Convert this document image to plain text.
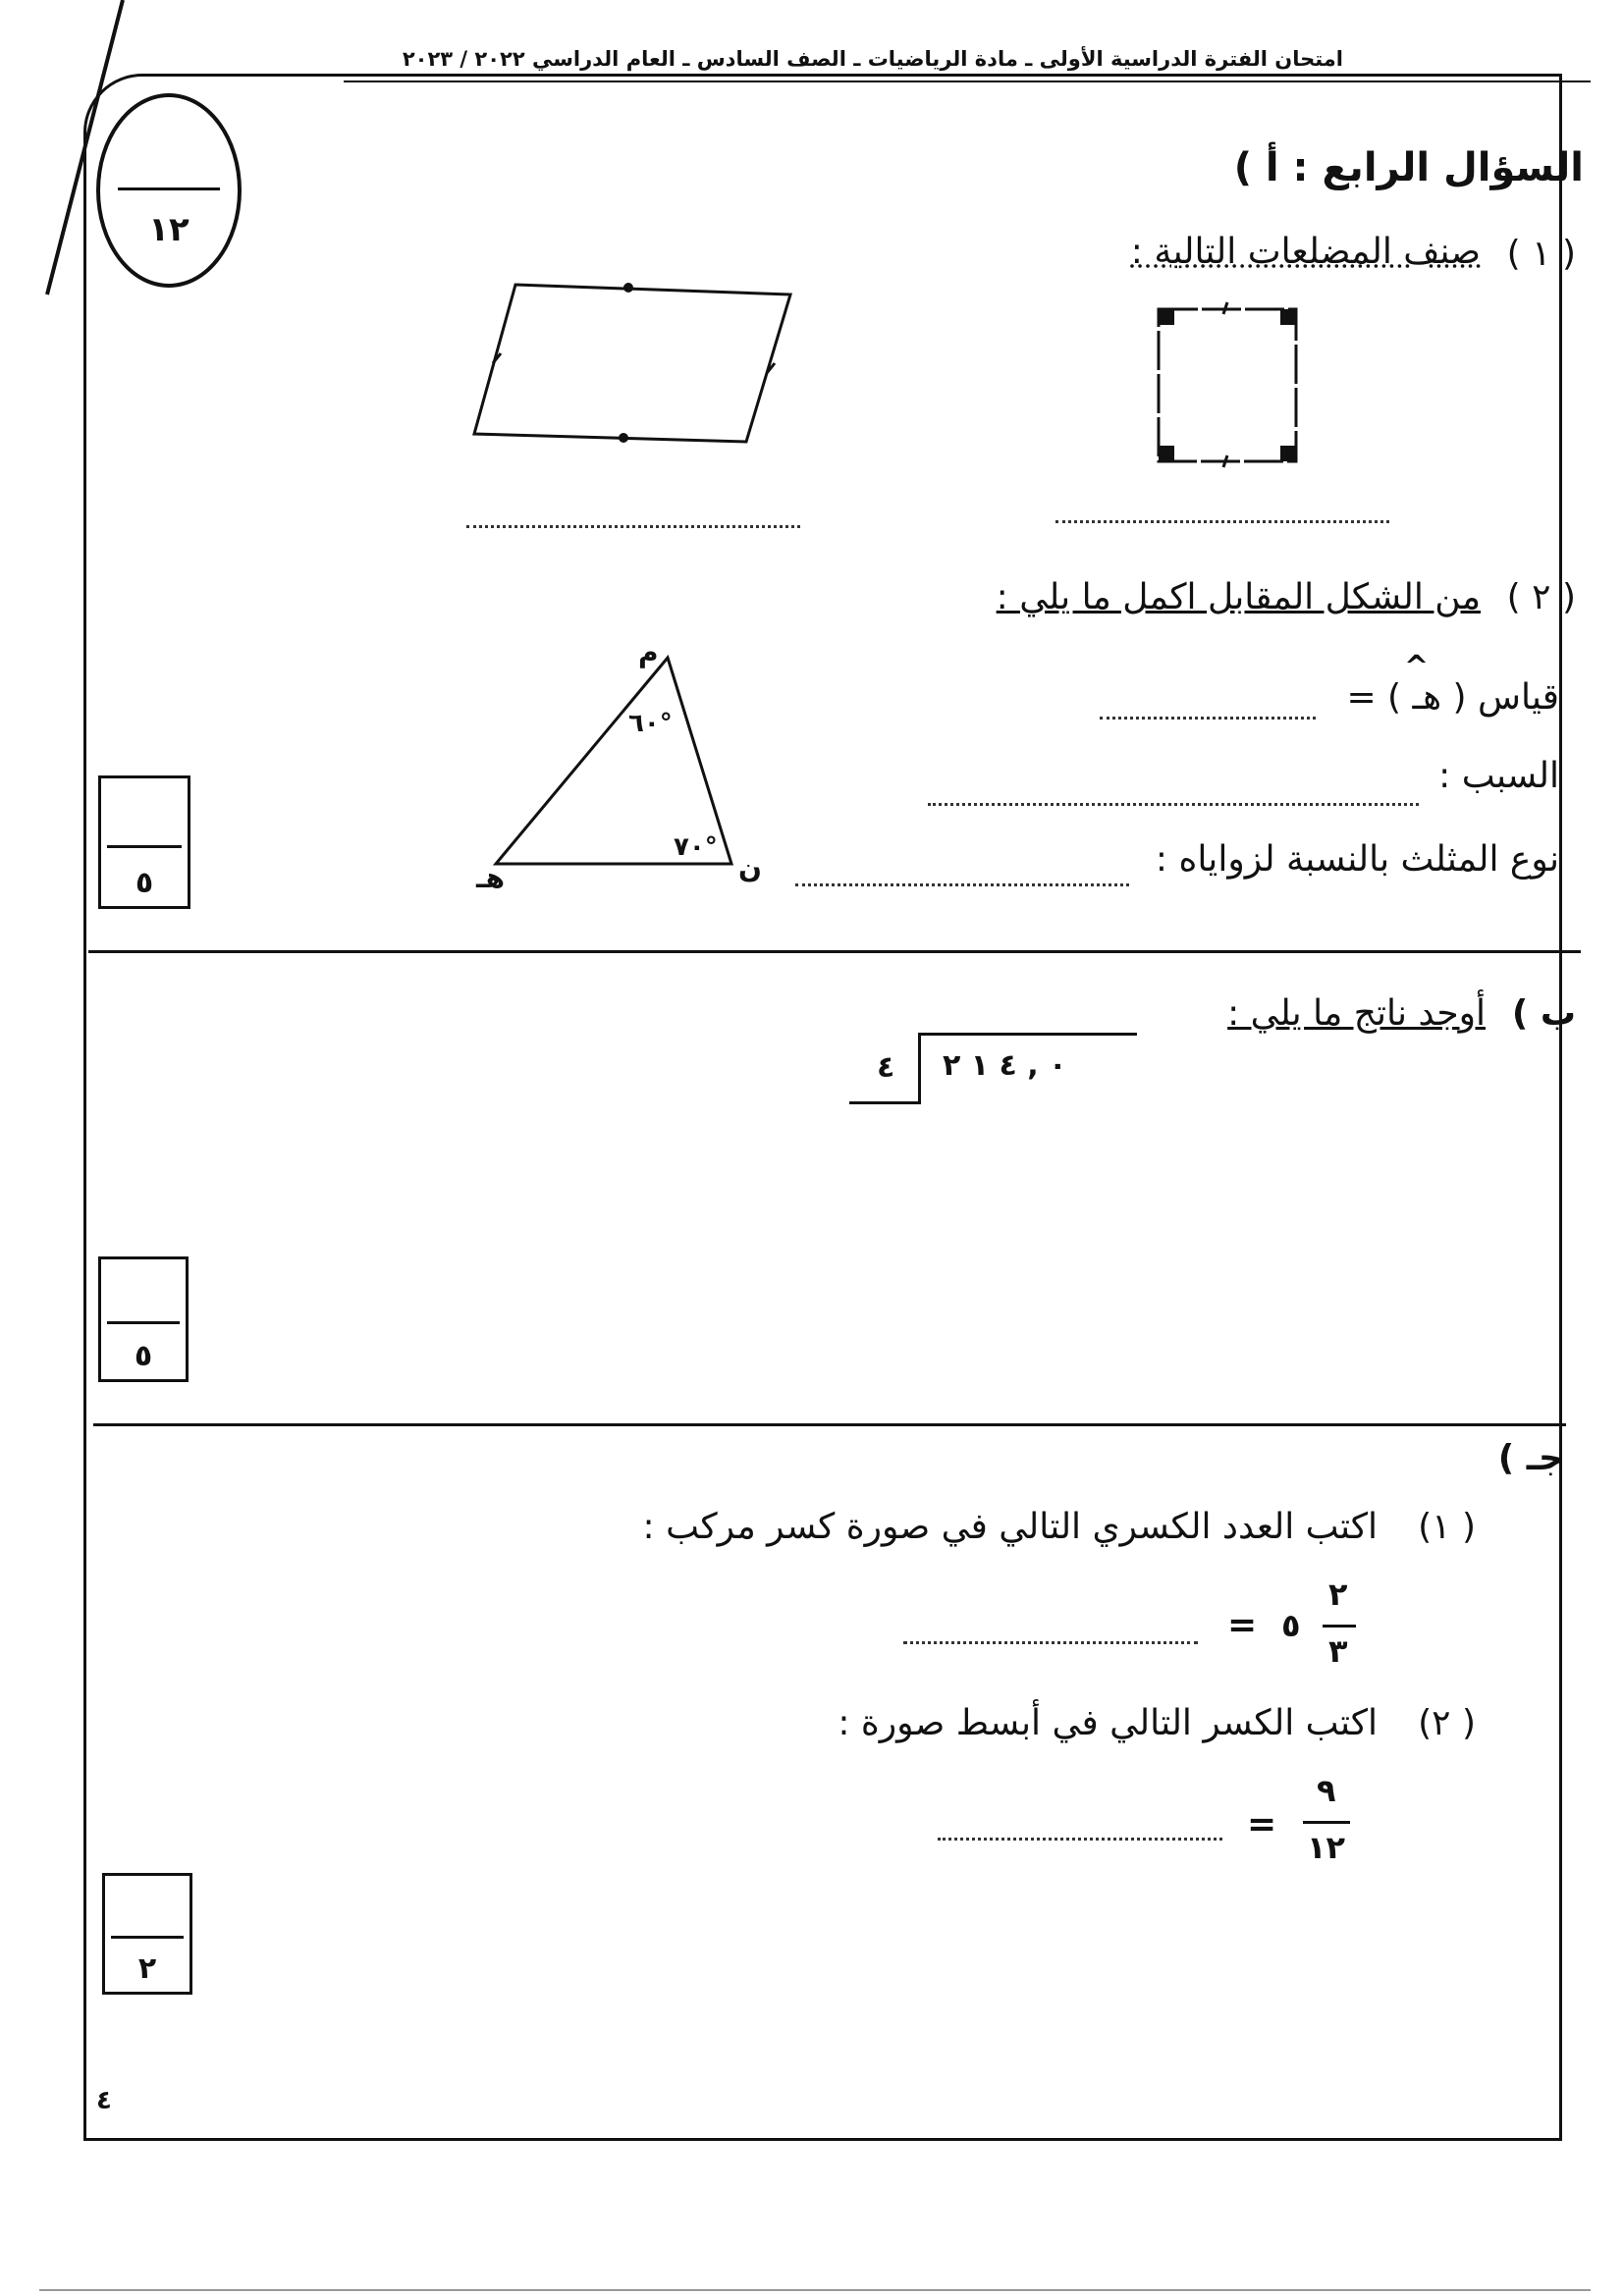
امتحان الفترة الدراسية الأولى ـ مادة الرياضيات ـ الصف السادس ـ العام الدراسي ٢٠٢٢ / ٢٠٢٣
١٢
السؤال الرابع : أ )
( ١ )
صنف المضلعات التالية :
( ٢ )
من الشكل المقابل اكمل ما يلي :
م
ن
هـ
٦٠°
٧٠°
قياس ( هـ ) =
^
السبب :
نوع المثلث بالنسبة لزواياه :
٥
ب )
أوجد ناتج ما يلي :
٤ ٠ , ٤ ١ ٢
٥
جـ )
(١ )
اكتب العدد الكسري التالي في صورة كسر مركب :
٥
٢
٣
=
(٢ )
اكتب الكسر التالي في أبسط صورة :
٩
١٢
=
٢
٤
